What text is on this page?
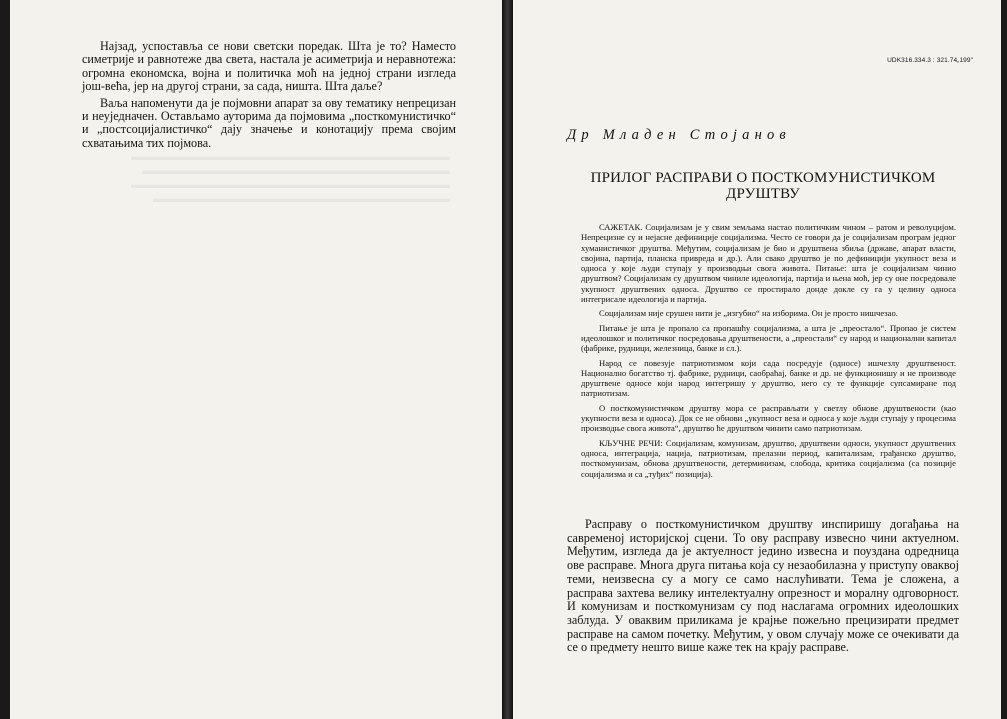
▬▬▬▬▬▬▬▬▬▬▬▬▬▬▬▬▬▬▬▬▬▬▬▬▬▬▬▬▬
▬▬▬▬▬▬▬▬▬▬▬▬▬▬▬▬▬▬▬▬▬▬▬▬▬▬▬▬
▬▬▬▬▬▬▬▬▬▬▬▬▬▬▬▬▬▬▬▬▬▬▬▬▬▬▬▬▬
▬▬▬▬▬▬▬▬▬▬▬▬▬▬▬▬▬▬▬▬▬▬▬▬▬▬▬

Најзад, успоставља се нови светски поредак. Шта је то? Наместо симетрије и равнотеже два света, настала је асиметрија и неравнотежа: огромна економска, војна и политичка моћ на једној страни изгледа још-већа, јер на другој страни, за сада, ништа. Шта даље?

Ваља напоменути да је појмовни апарат за ову тематику непрецизан и неуједначен. Остављамо ауторима да појмовима „посткомунистичко“ и „постсоцијалистичко“ дају значење и конотацију према својим схватањима тих појмова.

UDK316.334.3 : 321.74„199"
Др Младен Стојанов
ПРИЛОГ РАСПРАВИ О ПОСТКОМУНИСТИЧКОМ ДРУШТВУ

САЖЕТАК. Социјализам је у свим земљама настао политичким чином – ратом и револуцијом. Непрецизне су и нејасне дефиниције социјализма. Често се говори да је социјализам програм једног хуманистичког друштва. Међутим, социјализам је био и друштвена збиља (државе, апарат власти, својина, партија, планска привреда и др.). Али свако друштво је по дефиницији укупност веза и односа у које људи ступају у производњи свога живота. Питање: шта је социјализам чинио друштвом? Социјализам су друштвом чиниле идеологија, партија и њена моћ, јер су оне посредовале укупност друштвених односа. Друштво се простирало донде докле су га у целину односа интегрисале идеологија и партија.

Социјализам није срушен нити је „изгубио“ на изборима. Он је просто нишчезао.

Питање је шта је пропало са пропашћу социјализма, а шта је „преостало“. Пропао је систем идеолошког и политичког посредовања друштвености, а „преостали“ су народ и национални капитал (фабрике, рудници, железница, банке и сл.).

Народ се повезује патриотизмом који сада посредује (односе) ишчезлу друштвеност. Национално богатство тј. фабрике, рудници, саобраћај, банке и др. не функционишу и не производе друштвене односе који народ интегришу у друштво, него су те функције супсамиране под патриотизам.

О посткомунистичком друштву мора се расправљати у светлу обнове друштвености (као укупности веза и односа). Док се не обнови „укупност веза и односа у које људи ступају у процесима производње свога живота“, друштво ће друштвом чинити само патриотизам.

КЉУЧНЕ РЕЧИ: Социјализам, комунизам, друштво, друштвени односи, укупност друштвених односа, интеграција, нација, патриотизам, прелазни период, капитализам, грађанско друштво, посткомунизам, обнова друштвености, детерминизам, слобода, критика социјализма (са позиције социјализма и са „туђих“ позиција).

Расправу о посткомунистичком друштву инспиришу догађања на савременој историјској сцени. То ову расправу извесно чини актуелном. Међутим, изгледа да је актуелност једино извесна и поуздана одредница ове расправе. Многа друга питања која су незаобилазна у приступу оваквој теми, неизвесна су а могу се само наслућивати. Тема је сложена, а расправа захтева велику интелектуалну опрезност и моралну одговорност. И комунизам и посткомунизам су под наслагама огромних идеолошких заблуда. У оваквим приликама је крајње пожељно прецизирати предмет расправе на самом почетку. Међутим, у овом случају може се очекивати да се о предмету нешто више каже тек на крају расправе.
